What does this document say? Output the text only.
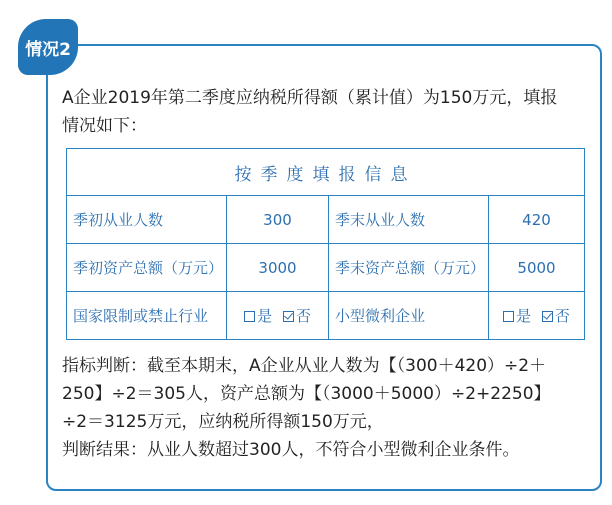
情况2
A企业2019年第二季度应纳税所得额（累计值）为150万元，填报
情况如下：
按季度填报信息			
季初从业人数	300	季末从业人数	420
季初资产总额（万元）	3000	季末资产总额（万元）	5000
国家限制或禁止行业	是 否	小型微利企业	是 否

指标判断：截至本期末，A企业从业人数为【（300＋420）÷2＋

250】÷2＝305人，资产总额为【（3000＋5000）÷2+2250】

÷2＝3125万元，应纳税所得额150万元，

判断结果：从业人数超过300人，不符合小型微利企业条件。
